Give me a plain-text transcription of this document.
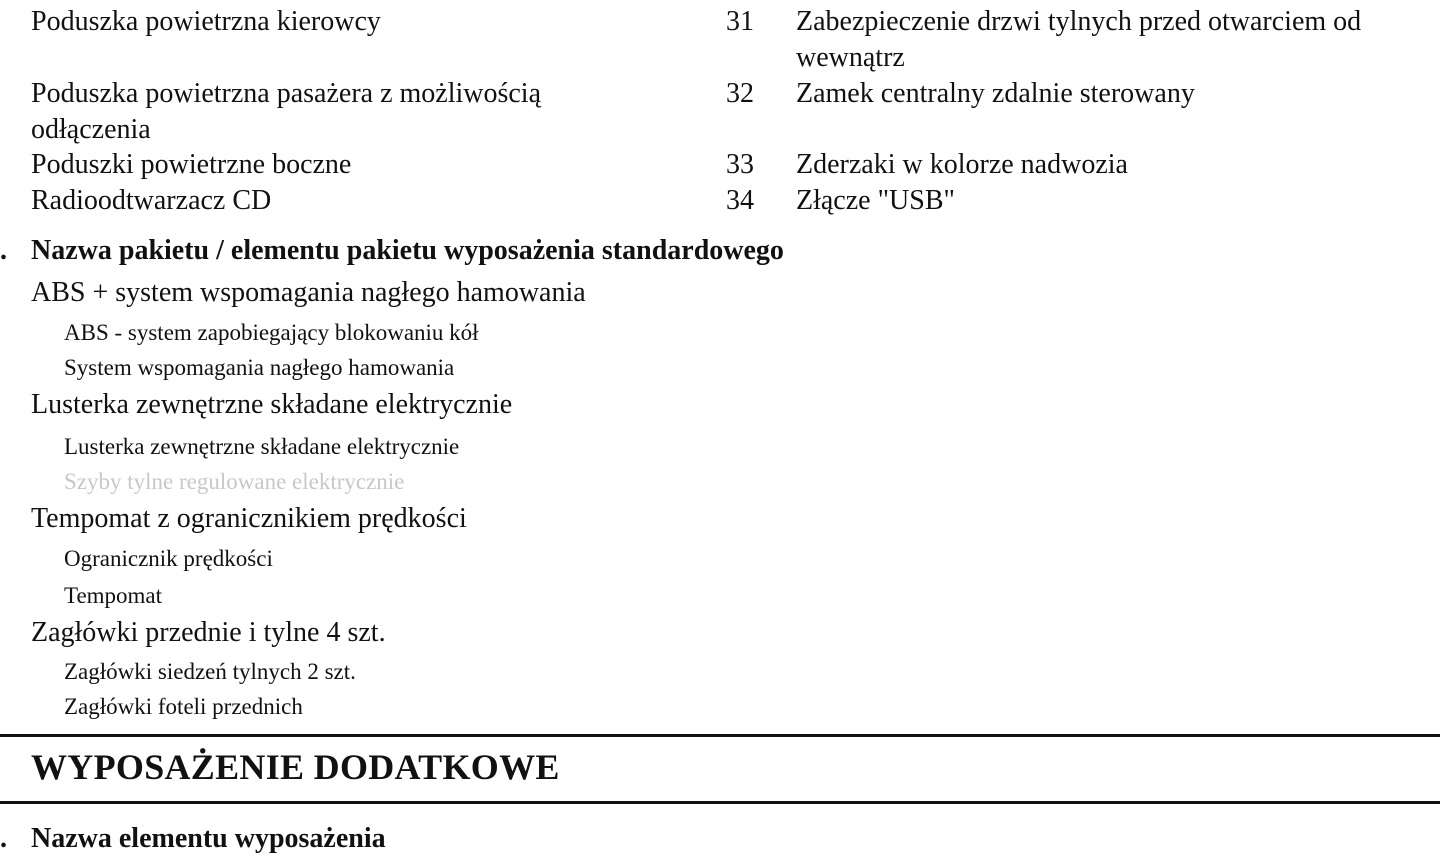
Poduszka powietrzna kierowcy
Poduszka powietrzna pasażera z możliwością
odłączenia
Poduszki powietrzne boczne
Radioodtwarzacz CD
31 Zabezpieczenie drzwi tylnych przed otwarciem od
wewnątrz
32 Zamek centralny zdalnie sterowany
33 Zderzaki w kolorze nadwozia
34 Złącze "USB"
. Nazwa pakietu / elementu pakietu wyposażenia standardowego
ABS + system wspomagania nagłego hamowania
ABS - system zapobiegający blokowaniu kół
System wspomagania nagłego hamowania
Lusterka zewnętrzne składane elektrycznie
Lusterka zewnętrzne składane elektrycznie
Szyby tylne regulowane elektrycznie
Tempomat z ogranicznikiem prędkości
Ogranicznik prędkości
Tempomat
Zagłówki przednie i tylne 4 szt.
Zagłówki siedzeń tylnych 2 szt.
Zagłówki foteli przednich
WYPOSAŻENIE DODATKOWE
. Nazwa elementu wyposażenia
